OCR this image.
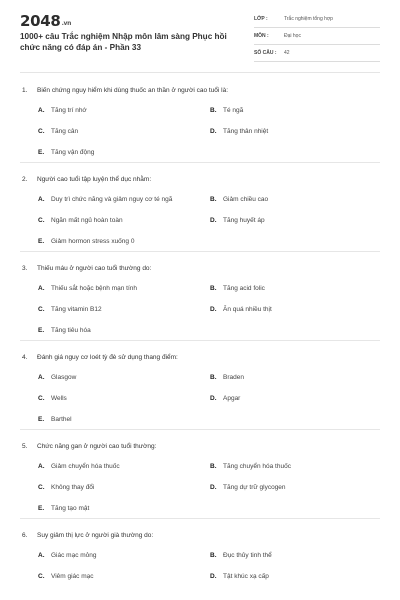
2048.vn
1000+ câu Trắc nghiệm Nhập môn lâm sàng Phục hồi chức năng có đáp án - Phần 33
LỚP :	Trắc nghiệm tổng hợp
MÔN :	Đại học
SỐ CÂU : 42
1.	Biến chứng nguy hiểm khi dùng thuốc an thần ở người cao tuổi là:
A.	Tăng trí nhớ	B.	Té ngã
C.	Tăng cân	D.	Tăng thân nhiệt
E.	Tăng vận động
2.	Người cao tuổi tập luyện thể dục nhằm:
A.	Duy trì chức năng và giảm nguy cơ té ngã	B.	Giảm chiều cao
C.	Ngăn mất ngủ hoàn toàn	D.	Tăng huyết áp
E.	Giảm hormon stress xuống 0
3.	Thiếu máu ở người cao tuổi thường do:
A.	Thiếu sắt hoặc bệnh mạn tính	B.	Tăng acid folic
C.	Tăng vitamin B12	D.	Ăn quá nhiều thịt
E.	Tăng tiêu hóa
4.	Đánh giá nguy cơ loét tỳ đè sử dụng thang điểm:
A.	Glasgow	B.	Braden
C.	Wells	D.	Apgar
E.	Barthel
5.	Chức năng gan ở người cao tuổi thường:
A.	Giảm chuyển hóa thuốc	B.	Tăng chuyển hóa thuốc
C.	Không thay đổi	D.	Tăng dự trữ glycogen
E.	Tăng tạo mật
6.	Suy giảm thị lực ở người già thường do:
A.	Giác mạc mỏng	B.	Đục thủy tinh thể
C.	Viêm giác mạc	D.	Tật khúc xạ cấp
